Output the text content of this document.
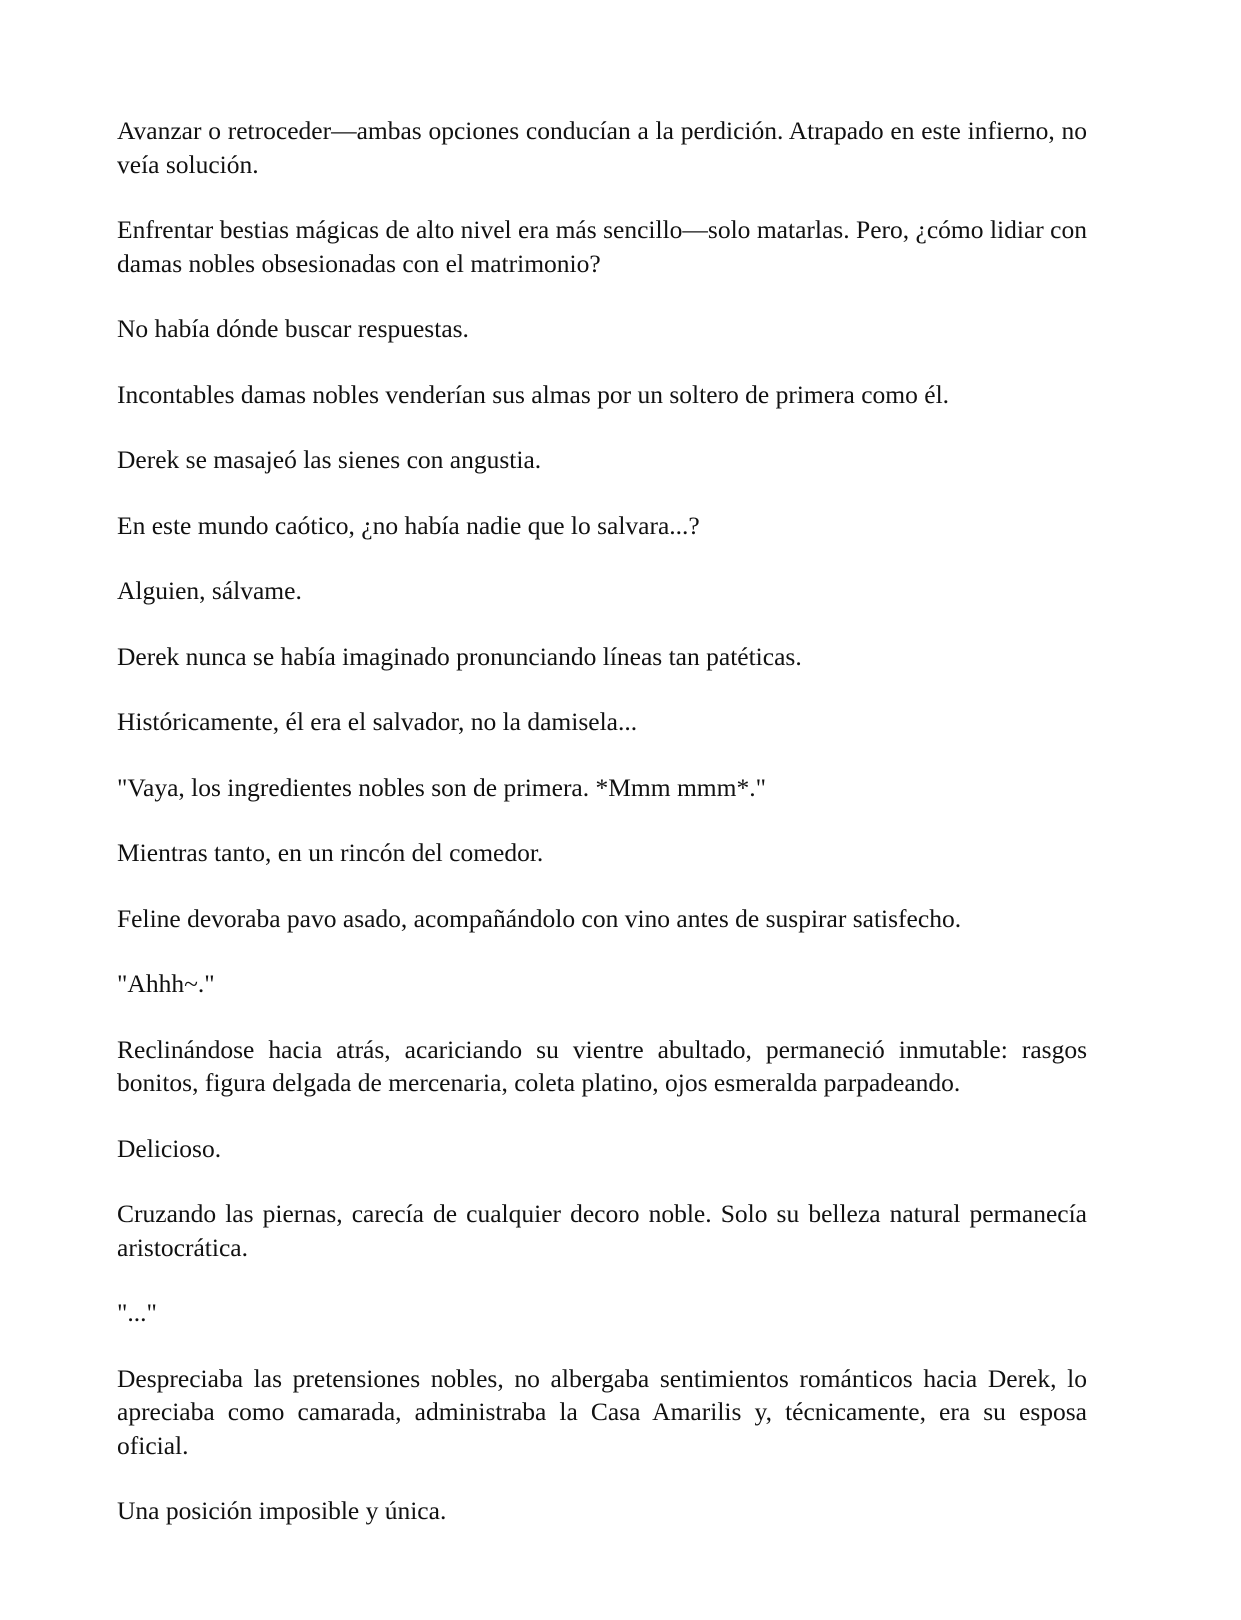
Avanzar o retroceder—ambas opciones conducían a la perdición. Atrapado en este infierno, no veía solución.

Enfrentar bestias mágicas de alto nivel era más sencillo—solo matarlas. Pero, ¿cómo lidiar con damas nobles obsesionadas con el matrimonio?

No había dónde buscar respuestas.

Incontables damas nobles venderían sus almas por un soltero de primera como él.

Derek se masajeó las sienes con angustia.

En este mundo caótico, ¿no había nadie que lo salvara...?

Alguien, sálvame.

Derek nunca se había imaginado pronunciando líneas tan patéticas.

Históricamente, él era el salvador, no la damisela...

"Vaya, los ingredientes nobles son de primera. *Mmm mmm*."

Mientras tanto, en un rincón del comedor.

Feline devoraba pavo asado, acompañándolo con vino antes de suspirar satisfecho.

"Ahhh~."

Reclinándose hacia atrás, acariciando su vientre abultado, permaneció inmutable: rasgos bonitos, figura delgada de mercenaria, coleta platino, ojos esmeralda parpadeando.

Delicioso.

Cruzando las piernas, carecía de cualquier decoro noble. Solo su belleza natural permanecía aristocrática.

"..."

Despreciaba las pretensiones nobles, no albergaba sentimientos románticos hacia Derek, lo apreciaba como camarada, administraba la Casa Amarilis y, técnicamente, era su esposa oficial.

Una posición imposible y única.
